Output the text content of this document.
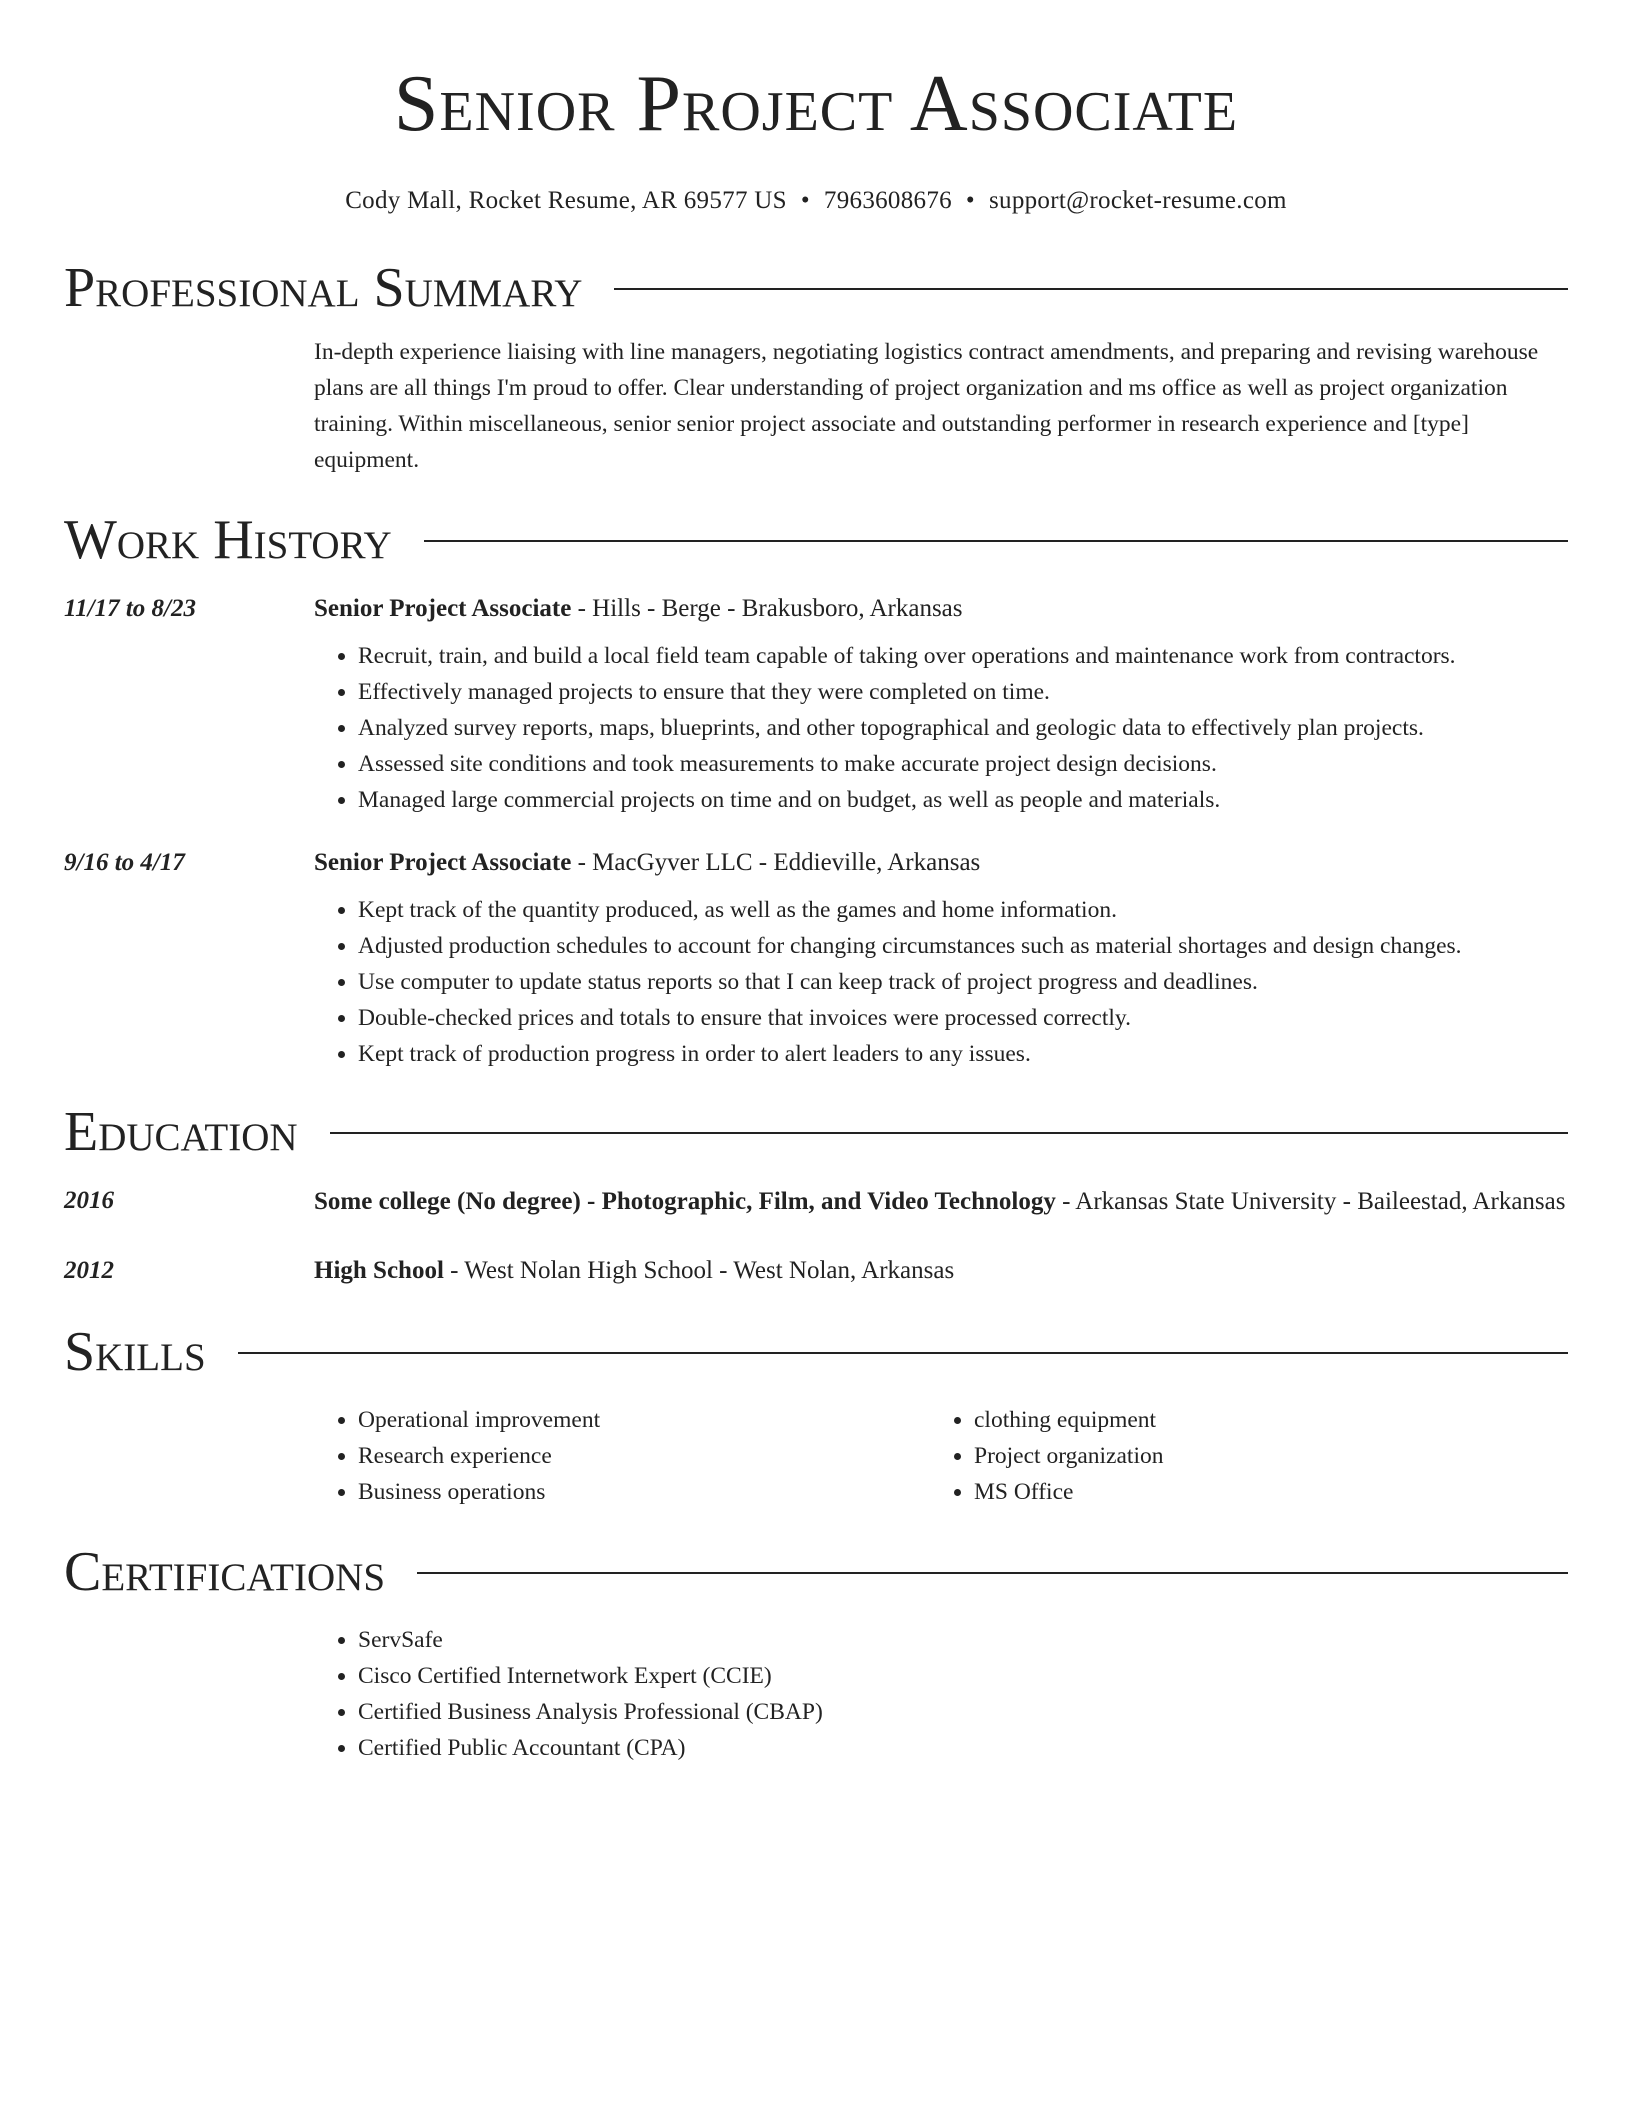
Senior Project Associate
Cody Mall, Rocket Resume, AR 69577 US • 7963608676 • support@rocket-resume.com
Professional Summary
In-depth experience liaising with line managers, negotiating logistics contract amendments, and preparing and revising warehouse plans are all things I'm proud to offer. Clear understanding of project organization and ms office as well as project organization training. Within miscellaneous, senior senior project associate and outstanding performer in research experience and [type] equipment.
Work History
11/17 to 8/23	Senior Project Associate - Hills - Berge - Brakusboro, Arkansas
• Recruit, train, and build a local field team capable of taking over operations and maintenance work from contractors.
• Effectively managed projects to ensure that they were completed on time.
• Analyzed survey reports, maps, blueprints, and other topographical and geologic data to effectively plan projects.
• Assessed site conditions and took measurements to make accurate project design decisions.
• Managed large commercial projects on time and on budget, as well as people and materials.
9/16 to 4/17	Senior Project Associate - MacGyver LLC - Eddieville, Arkansas
• Kept track of the quantity produced, as well as the games and home information.
• Adjusted production schedules to account for changing circumstances such as material shortages and design changes.
• Use computer to update status reports so that I can keep track of project progress and deadlines.
• Double-checked prices and totals to ensure that invoices were processed correctly.
• Kept track of production progress in order to alert leaders to any issues.
Education
2016	Some college (No degree) - Photographic, Film, and Video Technology - Arkansas State University - Baileestad, Arkansas
2012	High School - West Nolan High School - West Nolan, Arkansas
Skills
• Operational improvement
• Research experience
• Business operations
• clothing equipment
• Project organization
• MS Office
Certifications
• ServSafe
• Cisco Certified Internetwork Expert (CCIE)
• Certified Business Analysis Professional (CBAP)
• Certified Public Accountant (CPA)
